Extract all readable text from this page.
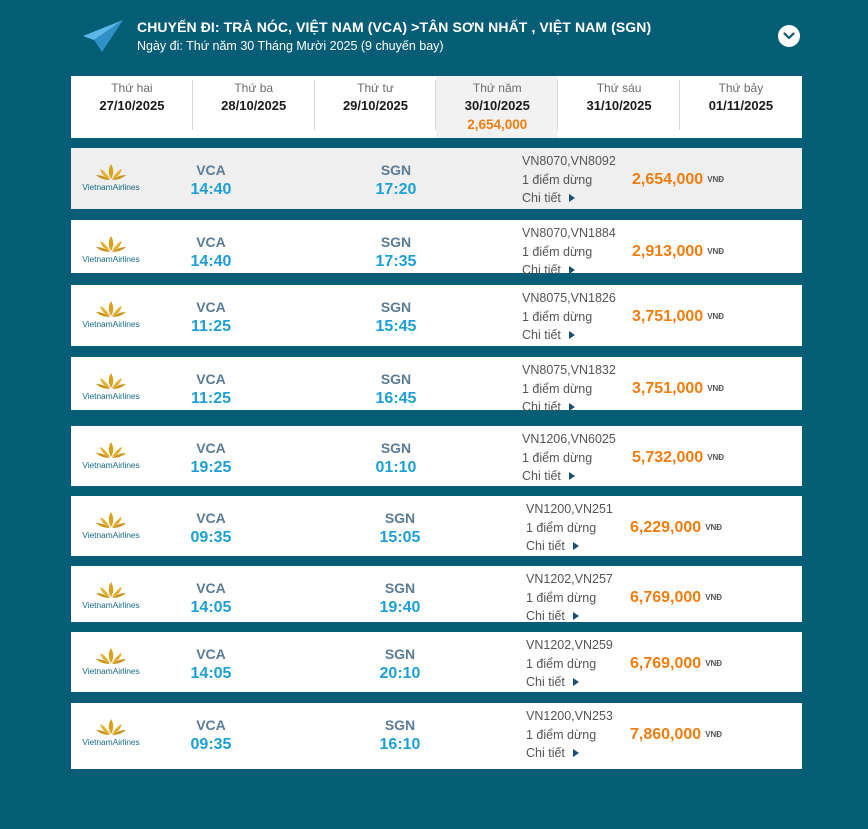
CHUYẾN ĐI: TRÀ NÓC, VIỆT NAM (VCA) >TÂN SƠN NHẤT , VIỆT NAM (SGN)
Ngày đi: Thứ năm 30 Tháng Mười 2025 (9 chuyến bay)
Thứ hai
27/10/2025
Thứ ba
28/10/2025
Thứ tư
29/10/2025
Thứ năm
30/10/2025
2,654,000
Thứ sáu
31/10/2025
Thứ bảy
01/11/2025
VietnamAirlines
VCA
14:40
SGN
17:20
VN8070,VN8092
1 điểm dừng
Chi tiết
2,654,000 VNĐ
VietnamAirlines
VCA
14:40
SGN
17:35
VN8070,VN1884
1 điểm dừng
Chi tiết
2,913,000 VNĐ
VietnamAirlines
VCA
11:25
SGN
15:45
VN8075,VN1826
1 điểm dừng
Chi tiết
3,751,000 VNĐ
VietnamAirlines
VCA
11:25
SGN
16:45
VN8075,VN1832
1 điểm dừng
Chi tiết
3,751,000 VNĐ
VietnamAirlines
VCA
19:25
SGN
01:10
VN1206,VN6025
1 điểm dừng
Chi tiết
5,732,000 VNĐ
VietnamAirlines
VCA
09:35
SGN
15:05
VN1200,VN251
1 điểm dừng
Chi tiết
6,229,000 VNĐ
VietnamAirlines
VCA
14:05
SGN
19:40
VN1202,VN257
1 điểm dừng
Chi tiết
6,769,000 VNĐ
VietnamAirlines
VCA
14:05
SGN
20:10
VN1202,VN259
1 điểm dừng
Chi tiết
6,769,000 VNĐ
VietnamAirlines
VCA
09:35
SGN
16:10
VN1200,VN253
1 điểm dừng
Chi tiết
7,860,000 VNĐ
